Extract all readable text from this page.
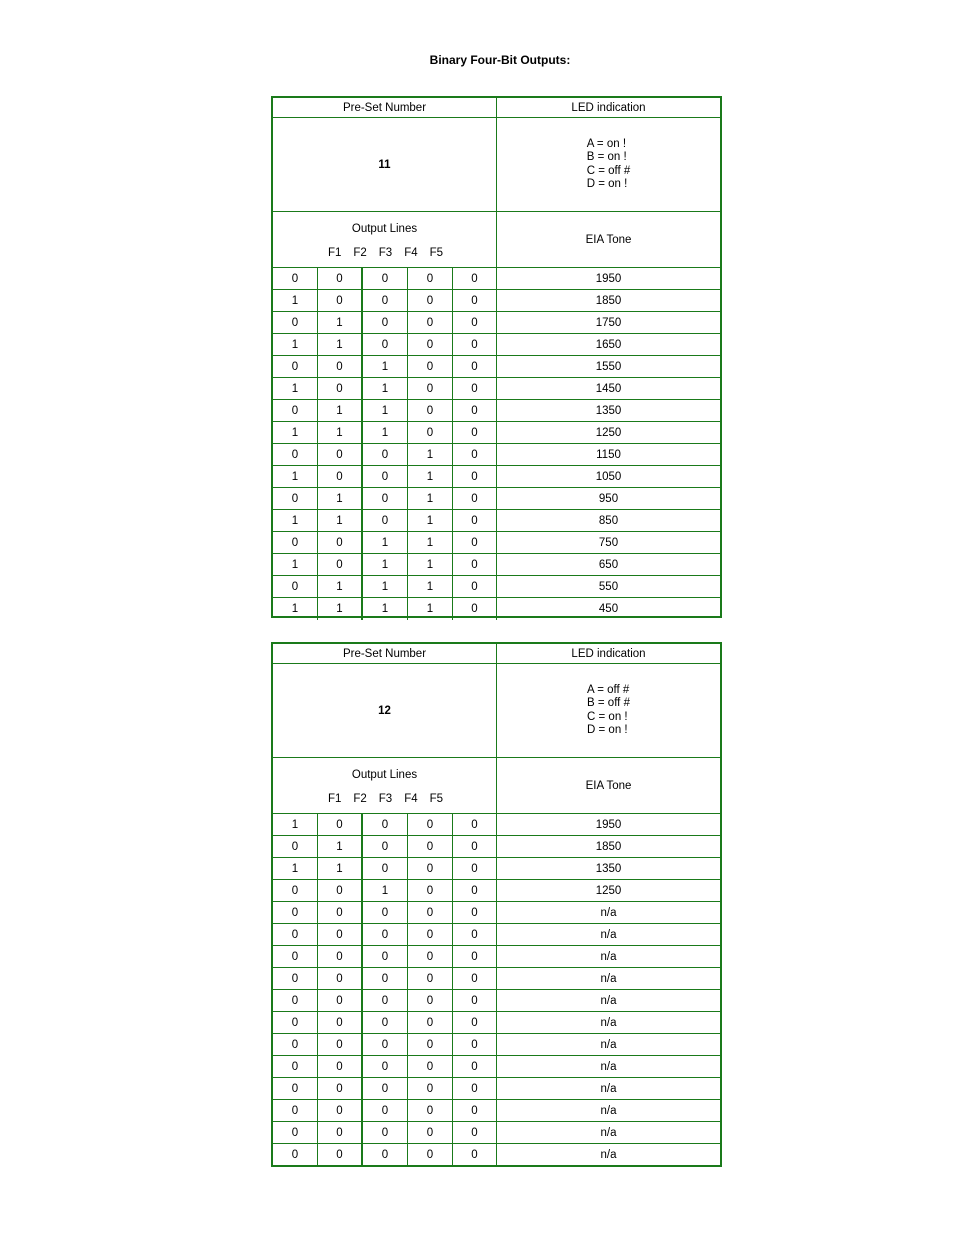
Binary Four-Bit Outputs:
Pre-Set Number	LED indication
11
A = on !
B = on !
C = off #
D = on !
Output Lines
F1 F2 F3 F4 F5
EIA Tone
0	0	0	0	0	1950
1	0	0	0	0	1850
0	1	0	0	0	1750
1	1	0	0	0	1650
0	0	1	0	0	1550
1	0	1	0	0	1450
0	1	1	0	0	1350
1	1	1	0	0	1250
0	0	0	1	0	1150
1	0	0	1	0	1050
0	1	0	1	0	950
1	1	0	1	0	850
0	0	1	1	0	750
1	0	1	1	0	650
0	1	1	1	0	550
1	1	1	1	0	450
Pre-Set Number	LED indication
12
A = off #
B = off #
C = on !
D = on !
Output Lines
F1 F2 F3 F4 F5
EIA Tone
1	0	0	0	0	1950
0	1	0	0	0	1850
1	1	0	0	0	1350
0	0	1	0	0	1250
0	0	0	0	0	n/a
0	0	0	0	0	n/a
0	0	0	0	0	n/a
0	0	0	0	0	n/a
0	0	0	0	0	n/a
0	0	0	0	0	n/a
0	0	0	0	0	n/a
0	0	0	0	0	n/a
0	0	0	0	0	n/a
0	0	0	0	0	n/a
0	0	0	0	0	n/a
0	0	0	0	0	n/a
